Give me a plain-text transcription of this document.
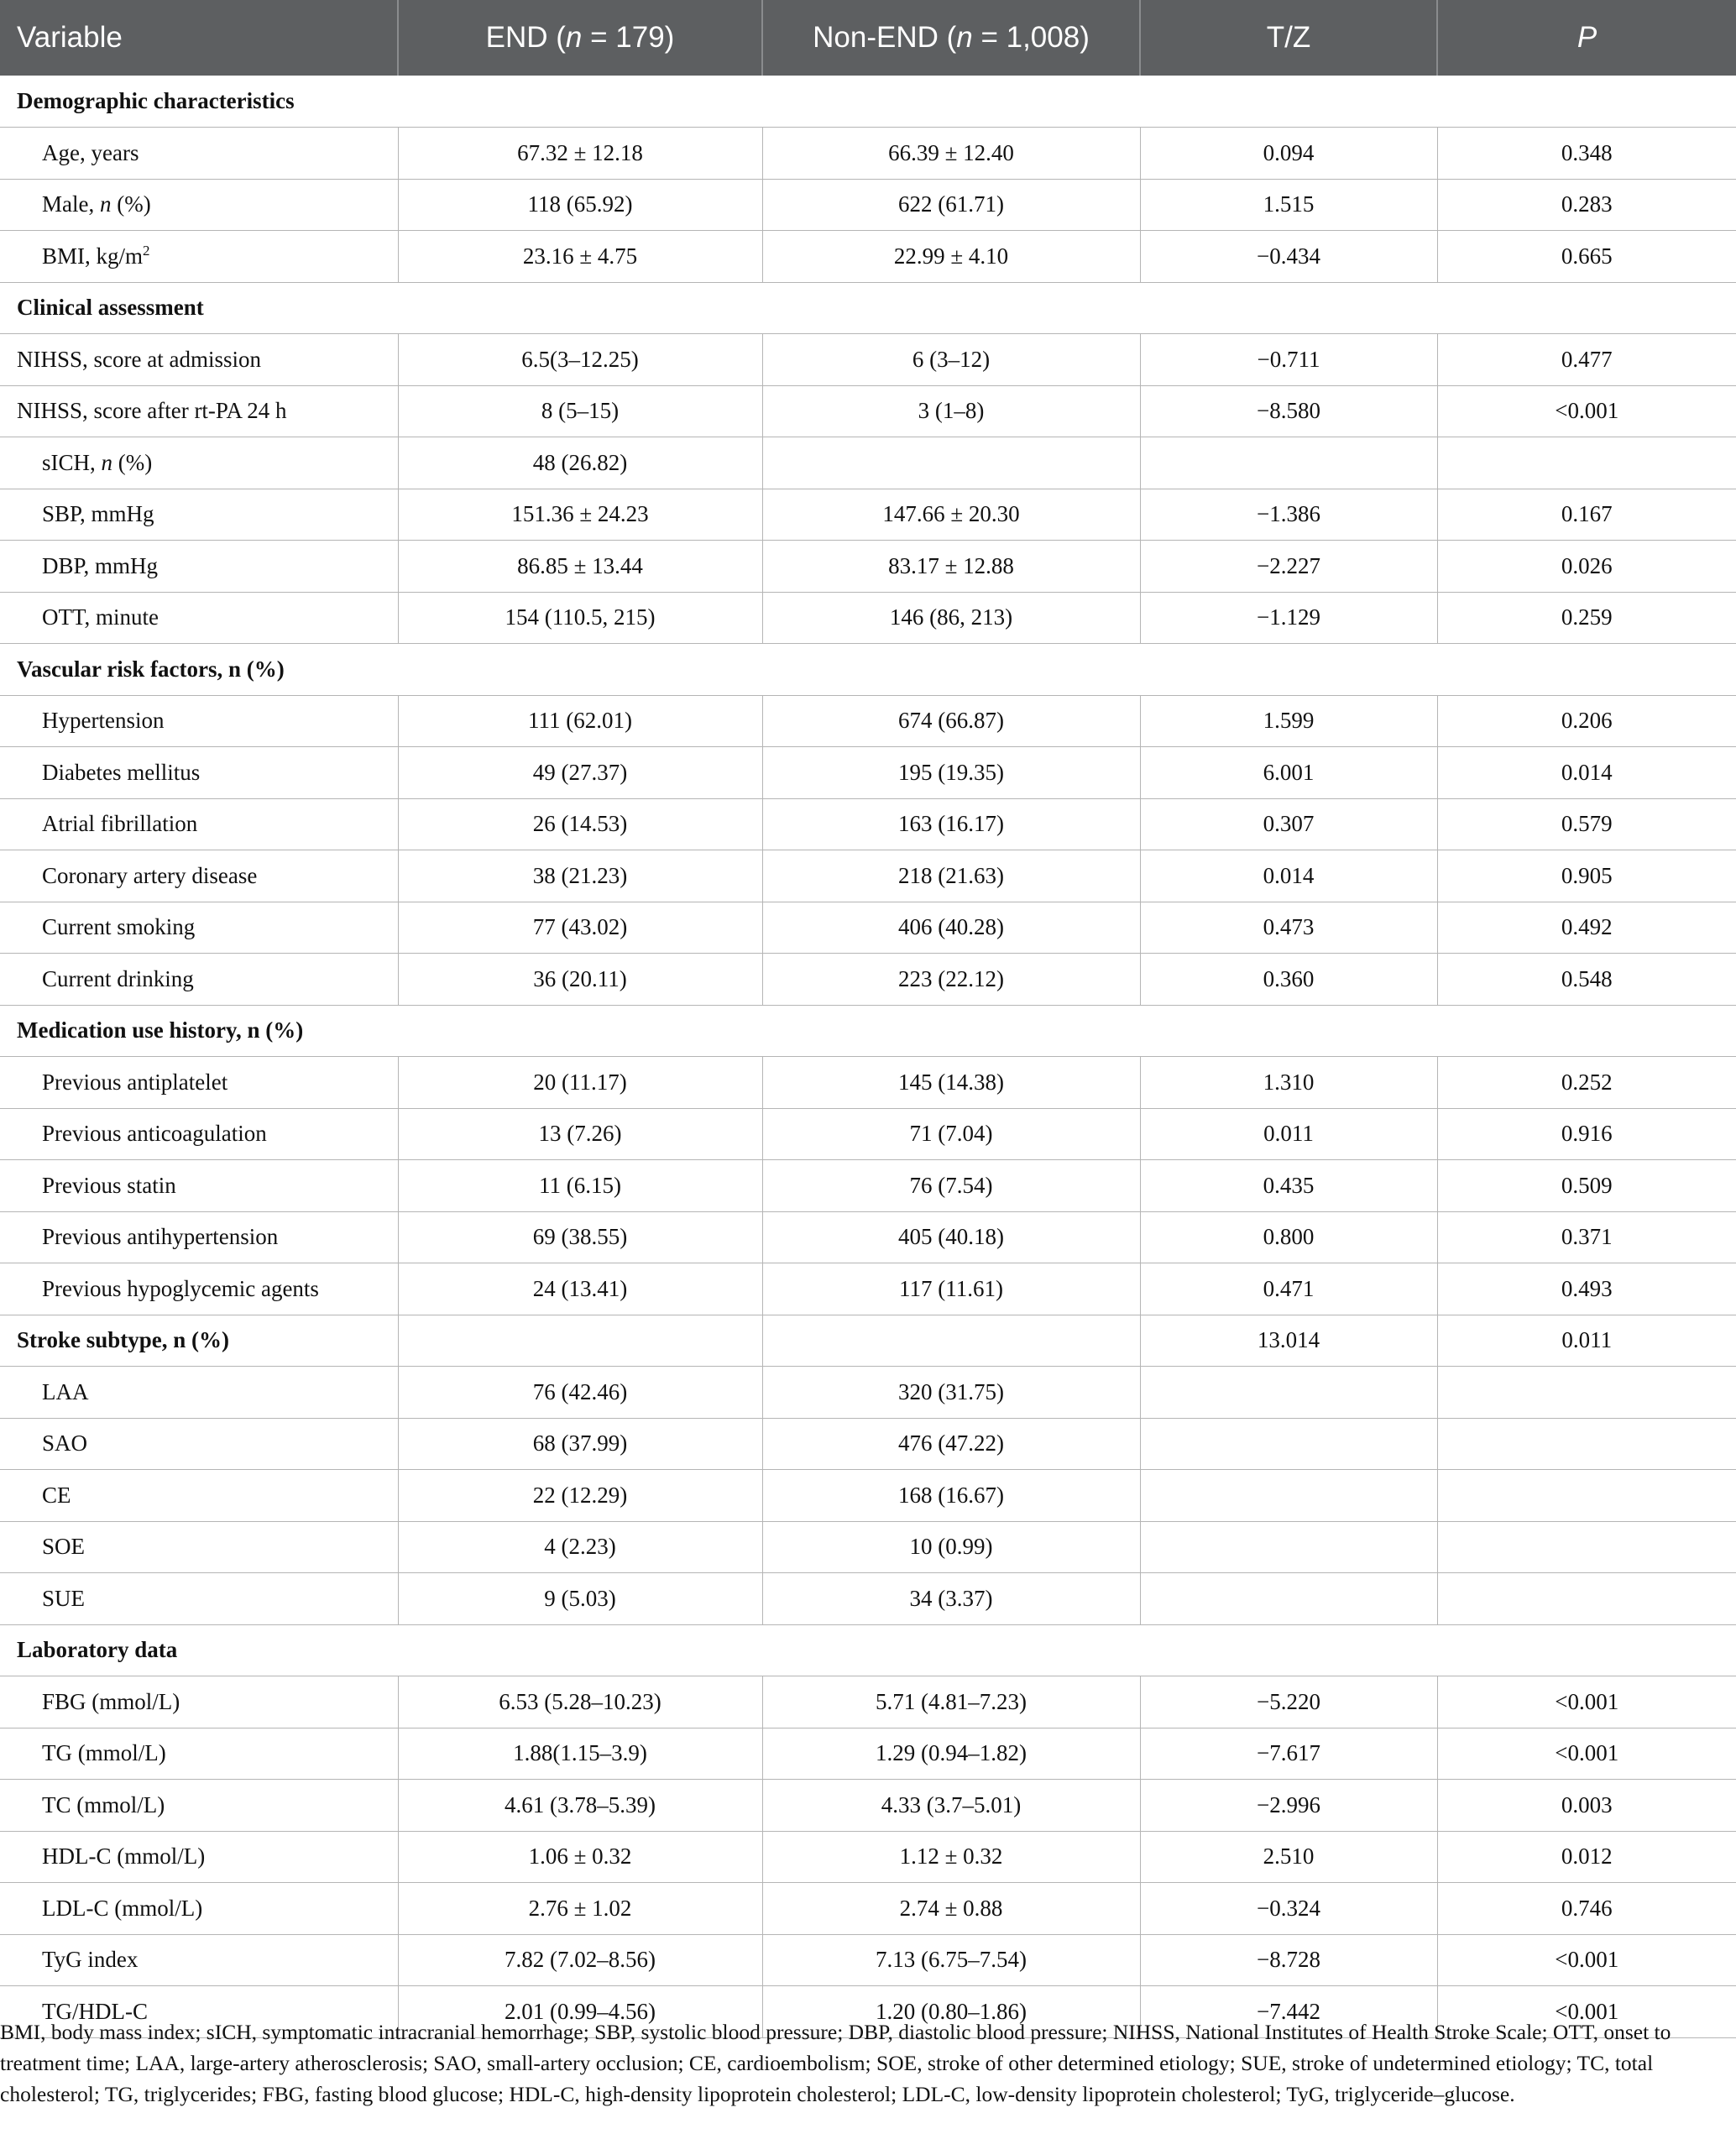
Variable	END (n = 179)	Non-END (n = 1,008)	T/Z	P
Demographic characteristics				
Age, years	67.32 ± 12.18	66.39 ± 12.40	0.094	0.348
Male, n (%)	118 (65.92)	622 (61.71)	1.515	0.283
BMI, $kg/m^2$	23.16 ± 4.75	22.99 ± 4.10	−0.434	0.665
Clinical assessment				
NIHSS, score at admission	6.5(3–12.25)	6 (3–12)	−0.711	0.477
NIHSS, score after rt-PA 24 h	8 (5–15)	3 (1–8)	−8.580	<0.001
sICH, n (%)	48 (26.82)			
SBP, mmHg	151.36 ± 24.23	147.66 ± 20.30	−1.386	0.167
DBP, mmHg	86.85 ± 13.44	83.17 ± 12.88	−2.227	0.026
OTT, minute	154 (110.5, 215)	146 (86, 213)	−1.129	0.259
Vascular risk factors, n (%)				
Hypertension	111 (62.01)	674 (66.87)	1.599	0.206
Diabetes mellitus	49 (27.37)	195 (19.35)	6.001	0.014
Atrial fibrillation	26 (14.53)	163 (16.17)	0.307	0.579
Coronary artery disease	38 (21.23)	218 (21.63)	0.014	0.905
Current smoking	77 (43.02)	406 (40.28)	0.473	0.492
Current drinking	36 (20.11)	223 (22.12)	0.360	0.548
Medication use history, n (%)				
Previous antiplatelet	20 (11.17)	145 (14.38)	1.310	0.252
Previous anticoagulation	13 (7.26)	71 (7.04)	0.011	0.916
Previous statin	11 (6.15)	76 (7.54)	0.435	0.509
Previous antihypertension	69 (38.55)	405 (40.18)	0.800	0.371
Previous hypoglycemic agents	24 (13.41)	117 (11.61)	0.471	0.493
Stroke subtype, n (%)			13.014	0.011
LAA	76 (42.46)	320 (31.75)		
SAO	68 (37.99)	476 (47.22)		
CE	22 (12.29)	168 (16.67)		
SOE	4 (2.23)	10 (0.99)		
SUE	9 (5.03)	34 (3.37)		
Laboratory data				
FBG (mmol/L)	6.53 (5.28–10.23)	5.71 (4.81–7.23)	−5.220	<0.001
TG (mmol/L)	1.88(1.15–3.9)	1.29 (0.94–1.82)	−7.617	<0.001
TC (mmol/L)	4.61 (3.78–5.39)	4.33 (3.7–5.01)	−2.996	0.003
HDL-C (mmol/L)	1.06 ± 0.32	1.12 ± 0.32	2.510	0.012
LDL-C (mmol/L)	2.76 ± 1.02	2.74 ± 0.88	−0.324	0.746
TyG index	7.82 (7.02–8.56)	7.13 (6.75–7.54)	−8.728	<0.001
TG/HDL-C	2.01 (0.99–4.56)	1.20 (0.80–1.86)	−7.442	<0.001

BMI, body mass index; sICH, symptomatic intracranial hemorrhage; SBP, systolic blood pressure; DBP, diastolic blood pressure; NIHSS, National Institutes of Health Stroke Scale; OTT, onset to treatment time; LAA, large-artery atherosclerosis; SAO, small-artery occlusion; CE, cardioembolism; SOE, stroke of other determined etiology; SUE, stroke of undetermined etiology; TC, total cholesterol; TG, triglycerides; FBG, fasting blood glucose; HDL-C, high-density lipoprotein cholesterol; LDL-C, low-density lipoprotein cholesterol; TyG, triglyceride–glucose.
